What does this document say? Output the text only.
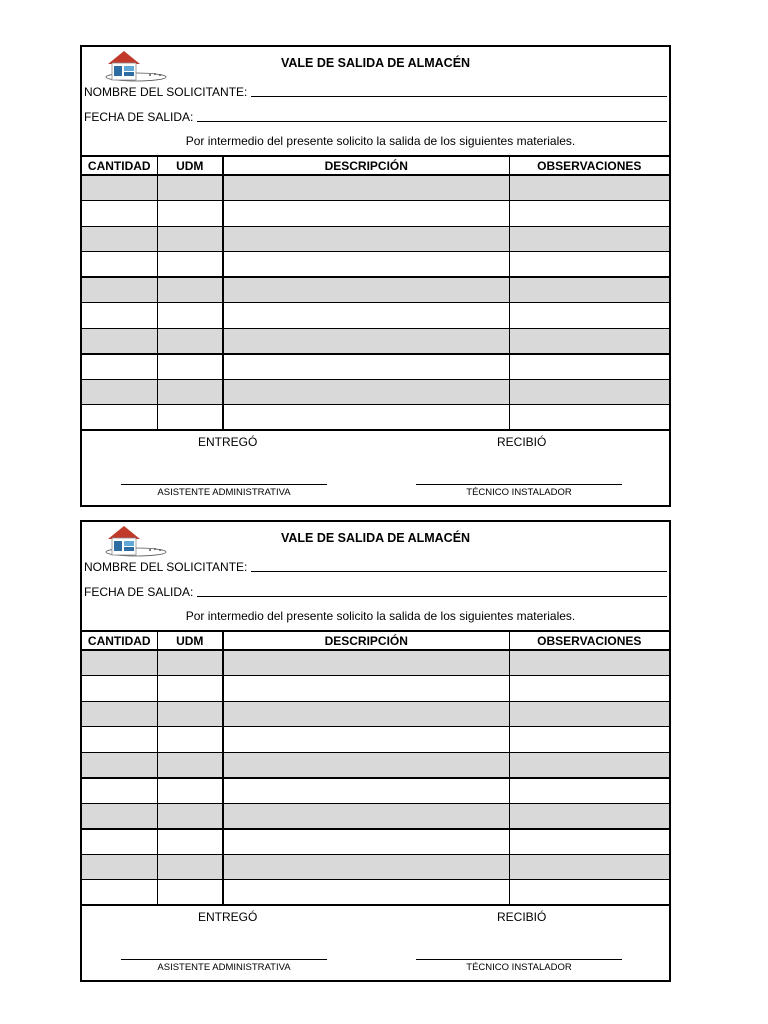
VALE DE SALIDA DE ALMACÉN
NOMBRE DEL SOLICITANTE:
FECHA DE SALIDA:
Por intermedio del presente solicito la salida de los siguientes materiales.
CANTIDAD	UDM	DESCRIPCIÓN	OBSERVACIONES

ENTREGÓ	RECIBIÓ
ASISTENTE ADMINISTRATIVA	TÉCNICO INSTALADOR
VALE DE SALIDA DE ALMACÉN
NOMBRE DEL SOLICITANTE:
FECHA DE SALIDA:
Por intermedio del presente solicito la salida de los siguientes materiales.
CANTIDAD	UDM	DESCRIPCIÓN	OBSERVACIONES

ENTREGÓ	RECIBIÓ
ASISTENTE ADMINISTRATIVA	TÉCNICO INSTALADOR
